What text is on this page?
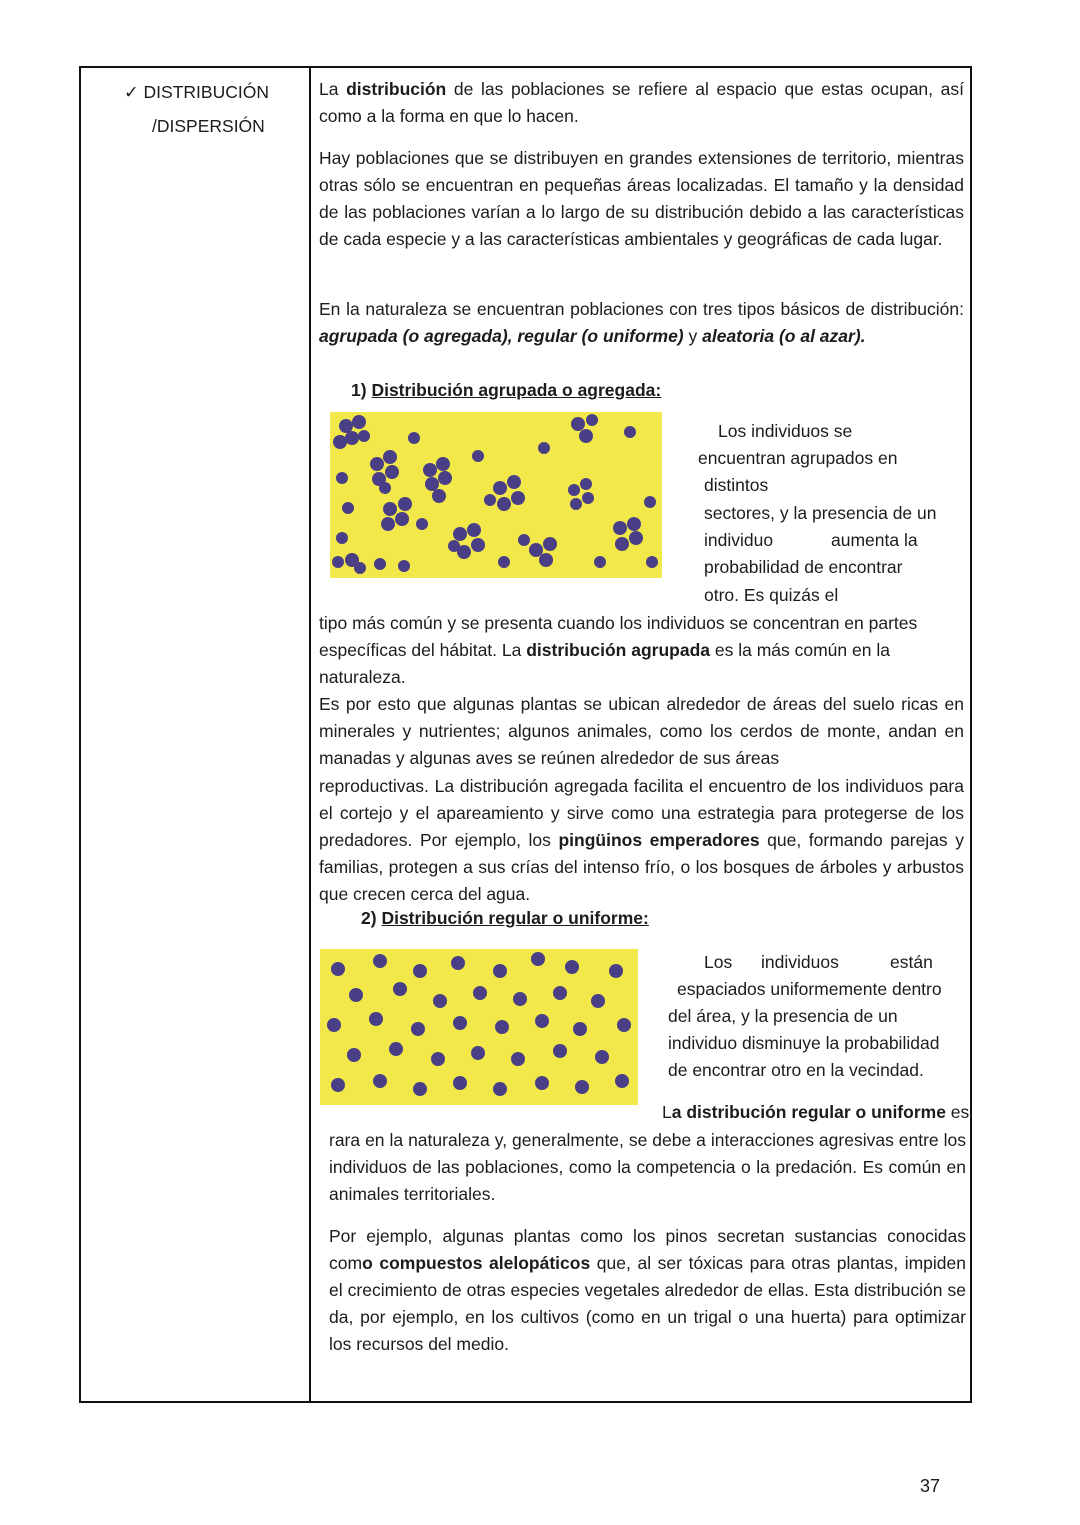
✓ DISTRIBUCIÓN
/DISPERSIÓN

La distribución de las poblaciones se refiere al espacio que estas ocupan, así como a la forma en que lo hacen.

Hay poblaciones que se distribuyen en grandes extensiones de territorio, mientras otras sólo se encuentran en pequeñas áreas localizadas. El tamaño y la densidad de las poblaciones varían a lo largo de su distribución debido a las características de cada especie y a las características ambientales y geográficas de cada lugar.

En la naturaleza se encuentran poblaciones con tres tipos básicos de distribución: agrupada (o agregada), regular (o uniforme) y aleatoria (o al azar).

1) Distribución agrupada o agregada:

Los individuos se
encuentran agrupados en
distintos
sectores, y la presencia de un
individuo	aumenta la
probabilidad de encontrar
otro. Es quizás el

tipo más común y se presenta cuando los individuos se concentran en partes específicas del hábitat. La distribución agrupada es la más común en la naturaleza.

Es por esto que algunas plantas se ubican alrededor de áreas del suelo ricas en minerales y nutrientes; algunos animales, como los cerdos de monte, andan en manadas y algunas aves se reúnen alrededor de sus áreas

reproductivas. La distribución agregada facilita el encuentro de los individuos para el cortejo y el apareamiento y sirve como una estrategia para protegerse de los predadores. Por ejemplo, los pingüinos emperadores que, formando parejas y familias, protegen a sus crías del intenso frío, o los bosques de árboles y arbustos que crecen cerca del agua.

2) Distribución regular o uniforme:

Los individuos	están
espaciados uniformemente dentro
del área, y la presencia de un
individuo disminuye la probabilidad
de encontrar otro en la vecindad.

La distribución regular o uniforme es

rara en la naturaleza y, generalmente, se debe a interacciones agresivas entre los individuos de las poblaciones, como la competencia o la predación. Es común en animales territoriales.

Por ejemplo, algunas plantas como los pinos secretan sustancias conocidas como compuestos alelopáticos que, al ser tóxicas para otras plantas, impiden el crecimiento de otras especies vegetales alrededor de ellas. Esta distribución se da, por ejemplo, en los cultivos (como en un trigal o una huerta) para optimizar los recursos del medio.

37
